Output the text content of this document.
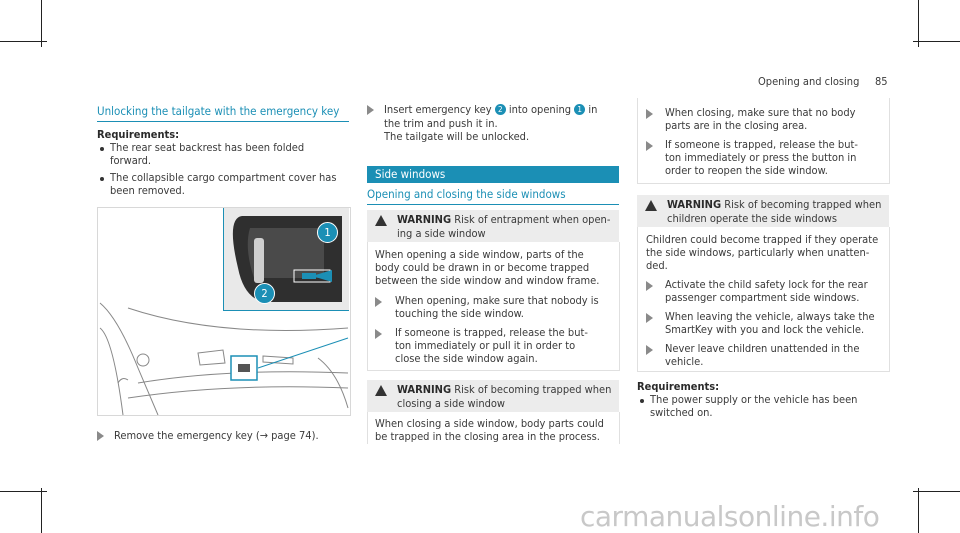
Opening and closing 85
Unlocking the tailgate with the emergency key
Requirements:
The rear seat backrest has been folded
forward.
The collapsible cargo compartment cover has
been removed.
1
2
Remove the emergency key (→ page 74).
Insert emergency key 2 into opening 1 in
the trim and push it in.
The tailgate will be unlocked.
Side windows
Opening and closing the side windows
WARNING Risk of entrapment when open-
ing a side window
When opening a side window, parts of the
body could be drawn in or become trapped
between the side window and window frame.
When opening, make sure that nobody is
touching the side window.
If someone is trapped, release the but-
ton immediately or pull it in order to
close the side window again.
WARNING Risk of becoming trapped when
closing a side window
When closing a side window, body parts could
be trapped in the closing area in the process.
When closing, make sure that no body
parts are in the closing area.
If someone is trapped, release the but-
ton immediately or press the button in
order to reopen the side window.
WARNING Risk of becoming trapped when
children operate the side windows
Children could become trapped if they operate
the side windows, particularly when unatten-
ded.
Activate the child safety lock for the rear
passenger compartment side windows.
When leaving the vehicle, always take the
SmartKey with you and lock the vehicle.
Never leave children unattended in the
vehicle.
Requirements:
The power supply or the vehicle has been
switched on.
carmanualsonline.info
